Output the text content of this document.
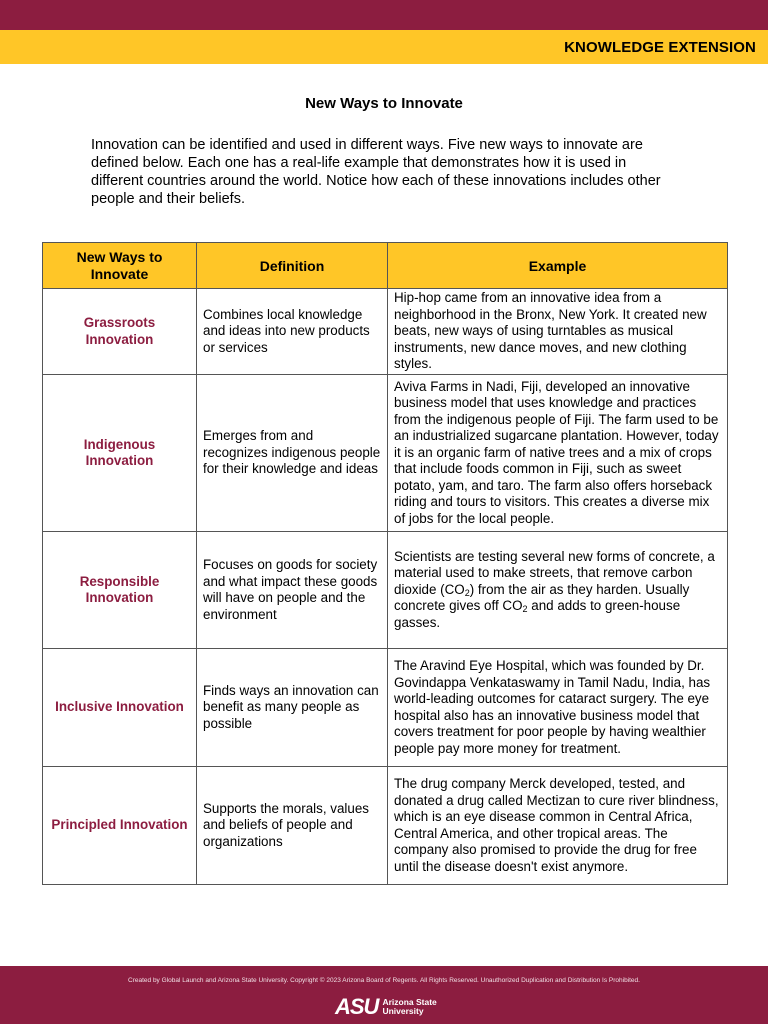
KNOWLEDGE EXTENSION
New Ways to Innovate
Innovation can be identified and used in different ways. Five new ways to innovate are defined below. Each one has a real-life example that demonstrates how it is used in different countries around the world. Notice how each of these innovations includes other people and their beliefs.
New Ways to Innovate	Definition	Example
Grassroots Innovation	Combines local knowledge and ideas into new products or services	Hip-hop came from an innovative idea from a neighborhood in the Bronx, New York. It created new beats, new ways of using turntables as musical instruments, new dance moves, and new clothing styles.
Indigenous Innovation	Emerges from and recognizes indigenous people for their knowledge and ideas	Aviva Farms in Nadi, Fiji, developed an innovative business model that uses knowledge and practices from the indigenous people of Fiji. The farm used to be an industrialized sugarcane plantation. However, today it is an organic farm of native trees and a mix of crops that include foods common in Fiji, such as sweet potato, yam, and taro. The farm also offers horseback riding and tours to visitors. This creates a diverse mix of jobs for the local people.
Responsible Innovation	Focuses on goods for society and what impact these goods will have on people and the environment	Scientists are testing several new forms of concrete, a material used to make streets, that remove carbon dioxide $(CO_2)$ from the air as they harden. Usually concrete gives off $CO_2$ and adds to green-house gasses.
Inclusive Innovation	Finds ways an innovation can benefit as many people as possible	The Aravind Eye Hospital, which was founded by Dr. Govindappa Venkataswamy in Tamil Nadu, India, has world-leading outcomes for cataract surgery. The eye hospital also has an innovative business model that covers treatment for poor people by having wealthier people pay more money for treatment.
Principled Innovation	Supports the morals, values and beliefs of people and organizations	The drug company Merck developed, tested, and donated a drug called Mectizan to cure river blindness, which is an eye disease common in Central Africa, Central America, and other tropical areas. The company also promised to provide the drug for free until the disease doesn't exist anymore.
Created by Global Launch and Arizona State University. Copyright © 2023 Arizona Board of Regents. All Rights Reserved. Unauthorized Duplication and Distribution Is Prohibited.
ASU Arizona State
University
